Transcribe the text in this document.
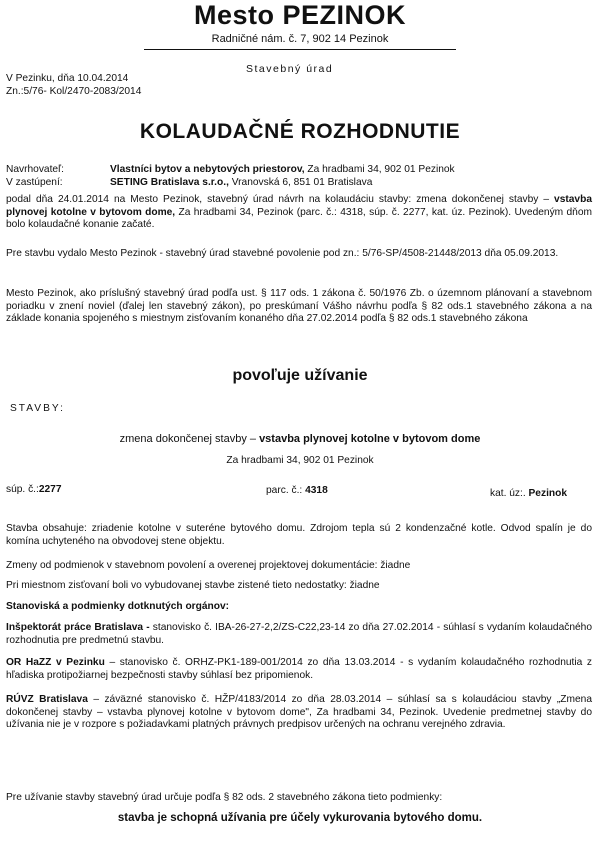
Mesto PEZINOK
Radničné nám. č. 7, 902 14 Pezinok
Stavebný úrad
V Pezinku, dňa 10.04.2014
Zn.:5/76- Kol/2470-2083/2014
KOLAUDAČNÉ ROZHODNUTIE
Navrhovateľ:	Vlastníci bytov a nebytových priestorov, Za hradbami 34, 902 01 Pezinok
V zastúpení:	SETING Bratislava s.r.o., Vranovská 6, 851 01 Bratislava
podal dňa 24.01.2014 na Mesto Pezinok, stavebný úrad návrh na kolaudáciu stavby: zmena dokončenej stavby – vstavba plynovej kotolne v bytovom dome, Za hradbami 34, Pezinok (parc. č.: 4318, súp. č. 2277, kat. úz. Pezinok). Uvedeným dňom bolo kolaudačné konanie začaté.
Pre stavbu vydalo Mesto Pezinok - stavebný úrad stavebné povolenie pod zn.: 5/76-SP/4508-21448/2013 dňa 05.09.2013.
Mesto Pezinok, ako príslušný stavebný úrad podľa ust. § 117 ods. 1 zákona č. 50/1976 Zb. o územnom plánovaní a stavebnom poriadku v znení noviel (ďalej len stavebný zákon), po preskúmaní Vášho návrhu podľa § 82 ods.1 stavebného zákona a na základe konania spojeného s miestnym zisťovaním konaného dňa 27.02.2014 podľa § 82 ods.1 stavebného zákona
povoľuje užívanie
STAVBY:
zmena dokončenej stavby – vstavba plynovej kotolne v bytovom dome
Za hradbami 34, 902 01 Pezinok
súp. č.:2277	parc. č.: 4318	kat. úz:. Pezinok
Stavba obsahuje: zriadenie kotolne v suteréne bytového domu. Zdrojom tepla sú 2 kondenzačné kotle. Odvod spalín je do komína uchyteného na obvodovej stene objektu.
Zmeny od podmienok v stavebnom povolení a overenej projektovej dokumentácie: žiadne
Pri miestnom zisťovaní boli vo vybudovanej stavbe zistené tieto nedostatky: žiadne
Stanoviská a podmienky dotknutých orgánov:
Inšpektorát práce Bratislava - stanovisko č. IBA-26-27-2,2/ZS-C22,23-14 zo dňa 27.02.2014 - súhlasí s vydaním kolaudačného rozhodnutia pre predmetnú stavbu.
OR HaZZ v Pezinku – stanovisko č. ORHZ-PK1-189-001/2014 zo dňa 13.03.2014 - s vydaním kolaudačného rozhodnutia z hľadiska protipožiarnej bezpečnosti stavby súhlasí bez pripomienok.
RÚVZ Bratislava – záväzné stanovisko č. HŽP/4183/2014 zo dňa 28.03.2014 – súhlasí sa s kolaudáciou stavby „Zmena dokončenej stavby – vstavba plynovej kotolne v bytovom dome", Za hradbami 34, Pezinok. Uvedenie predmetnej stavby do užívania nie je v rozpore s požiadavkami platných právnych predpisov určených na ochranu verejného zdravia.
Pre užívanie stavby stavebný úrad určuje podľa § 82 ods. 2 stavebného zákona tieto podmienky:
stavba je schopná užívania pre účely vykurovania bytového domu.
